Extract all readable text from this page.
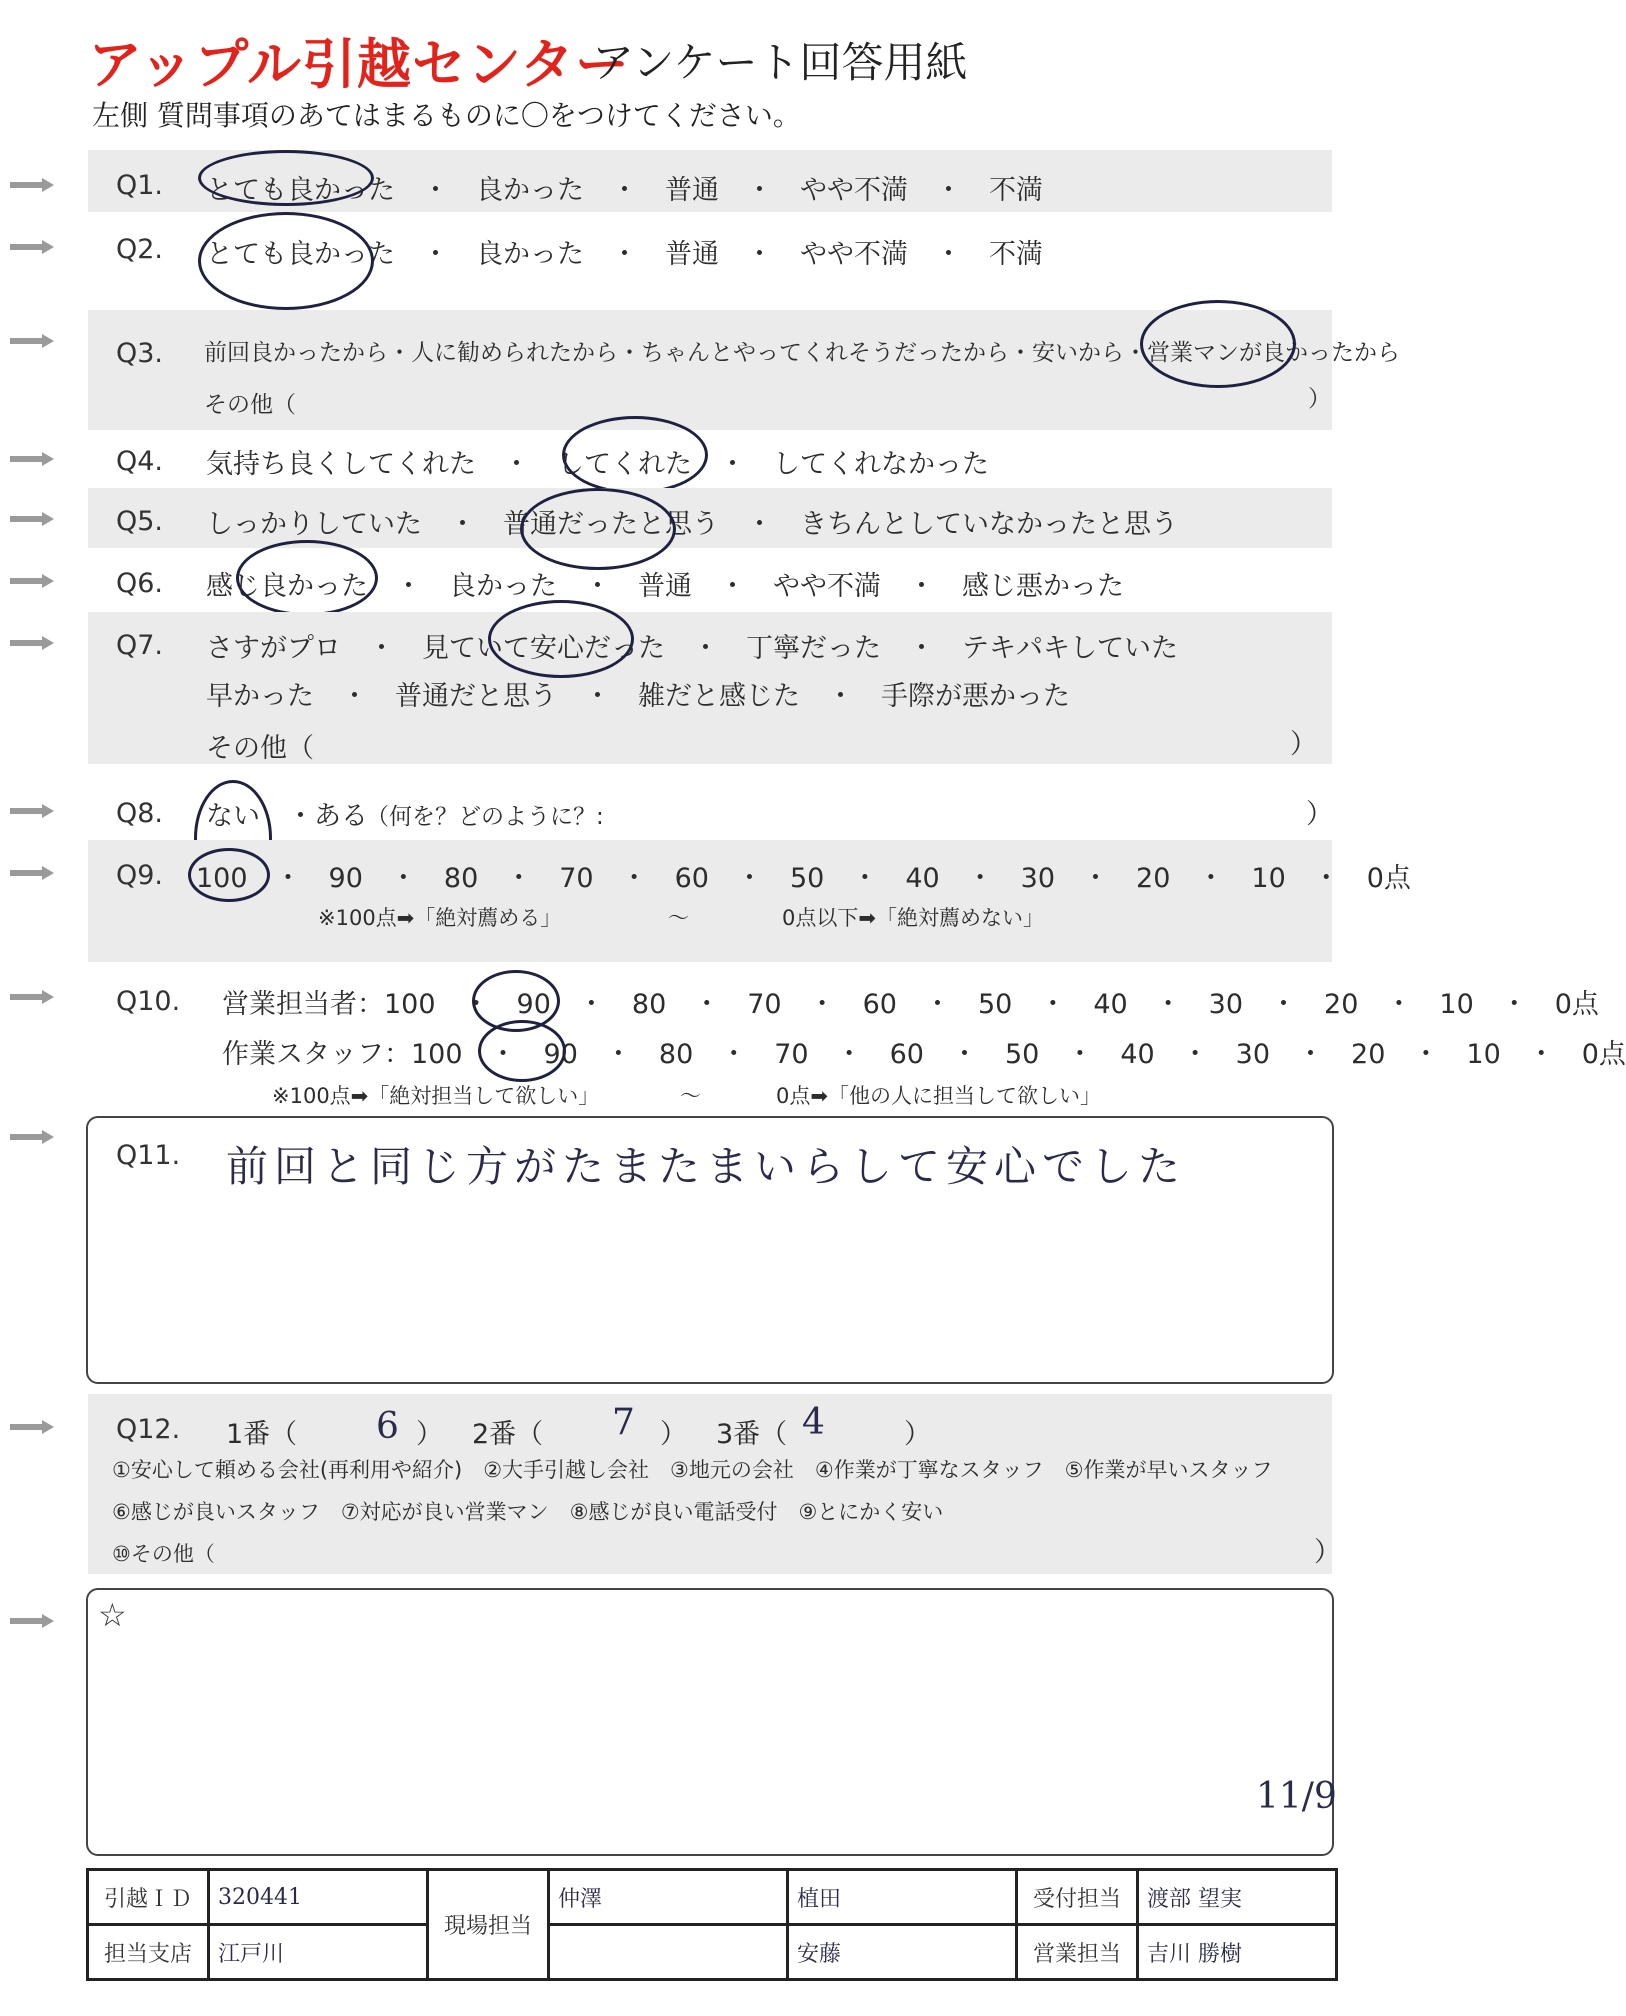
アップル引越センター
アンケート回答用紙
左側 質問事項のあてはまるものに〇をつけてください。
Q1. とても良かった　・　良かった　・　普通　・　やや不満　・　不満
Q2. とても良かった　・　良かった　・　普通　・　やや不満　・　不満
Q3. 前回良かったから・人に勧められたから・ちゃんとやってくれそうだったから・安いから・営業マンが良かったから
その他（	）
Q4. 気持ち良くしてくれた　・　してくれた　・　してくれなかった
Q5. しっかりしていた　・　普通だったと思う　・　きちんとしていなかったと思う
Q6. 感じ良かった　・　良かった　・　普通　・　やや不満　・　感じ悪かった
Q7. さすがプロ　・　見ていて安心だった　・　丁寧だった　・　テキパキしていた
早かった　・　普通だと思う　・　雑だと感じた　・　手際が悪かった
その他（	）
Q8. ない　・ある
（何を？どのように？:	）
Q9. 100　・　90　・　80　・　70　・　60　・　50　・　40　・　30　・　20　・　10　・　0点
※100点➡「絶対薦める」	〜	0点以下➡「絶対薦めない」
Q10. 営業担当者：100　・　90　・　80　・　70　・　60　・　50　・　40　・　30　・　20　・　10　・　0点
作業スタッフ：100　・　90　・　80　・　70　・　60　・　50　・　40　・　30　・　20　・　10　・　0点
※100点➡「絶対担当して欲しい」	〜	0点➡「他の人に担当して欲しい」
Q11. 前回と同じ方がたまたまいらして安心でした
Q12. 1番（ 6 ） 2番（ 7 ） 3番（ 4	）
①安心して頼める会社(再利用や紹介)　②大手引越し会社　③地元の会社　④作業が丁寧なスタッフ　⑤作業が早いスタッフ
⑥感じが良いスタッフ　⑦対応が良い営業マン　⑧感じが良い電話受付　⑨とにかく安い
⑩その他（	）
☆
11/9
引越ＩＤ	320441	現場担当	仲澤	植田	受付担当	渡部 望実
担当支店	江戸川			安藤	営業担当	吉川 勝樹
